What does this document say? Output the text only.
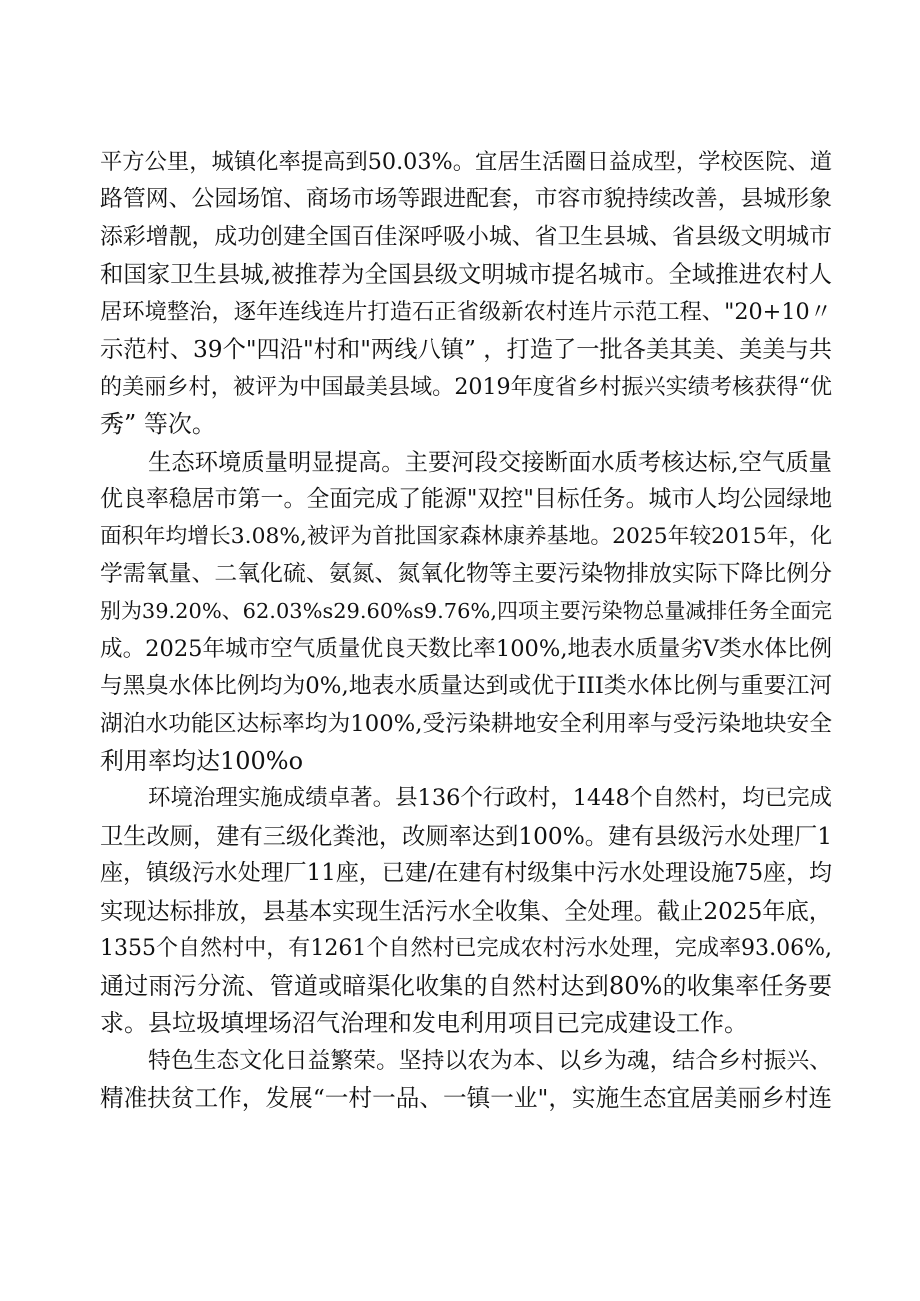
平方公里，城镇化率提高到50.03%。宜居生活圈日益成型，学校医院、道
路管网、公园场馆、商场市场等跟进配套，市容市貌持续改善，县城形象
添彩增靓，成功创建全国百佳深呼吸小城、省卫生县城、省县级文明城市
和国家卫生县城,被推荐为全国县级文明城市提名城市。全域推进农村人
居环境整治，逐年连线连片打造石正省级新农村连片示范工程、"20+10〃
示范村、39个"四沿"村和"两线八镇” ，打造了一批各美其美、美美与共
的美丽乡村，被评为中国最美县域。2019年度省乡村振兴实绩考核获得“优
秀” 等次。
生态环境质量明显提高。主要河段交接断面水质考核达标,空气质量
优良率稳居市第一。全面完成了能源"双控"目标任务。城市人均公园绿地
面积年均增长3.08%,被评为首批国家森林康养基地。2025年较2015年，化
学需氧量、二氧化硫、氨氮、氮氧化物等主要污染物排放实际下降比例分
别为39.20%、62.03%s29.60%s9.76%,四项主要污染物总量减排任务全面完
成。2025年城市空气质量优良天数比率100%,地表水质量劣V类水体比例
与黑臭水体比例均为0%,地表水质量达到或优于III类水体比例与重要江河
湖泊水功能区达标率均为100%,受污染耕地安全利用率与受污染地块安全
利用率均达100%o
环境治理实施成绩卓著。县136个行政村，1448个自然村，均已完成
卫生改厕，建有三级化粪池，改厕率达到100%。建有县级污水处理厂1
座，镇级污水处理厂11座，已建/在建有村级集中污水处理设施75座，均
实现达标排放，县基本实现生活污水全收集、全处理。截止2025年底，
1355个自然村中，有1261个自然村已完成农村污水处理，完成率93.06%,
通过雨污分流、管道或暗渠化收集的自然村达到80%的收集率任务要
求。县垃圾填埋场沼气治理和发电利用项目已完成建设工作。
特色生态文化日益繁荣。坚持以农为本、以乡为魂，结合乡村振兴、
精准扶贫工作，发展“一村一品、一镇一业"，实施生态宜居美丽乡村连
